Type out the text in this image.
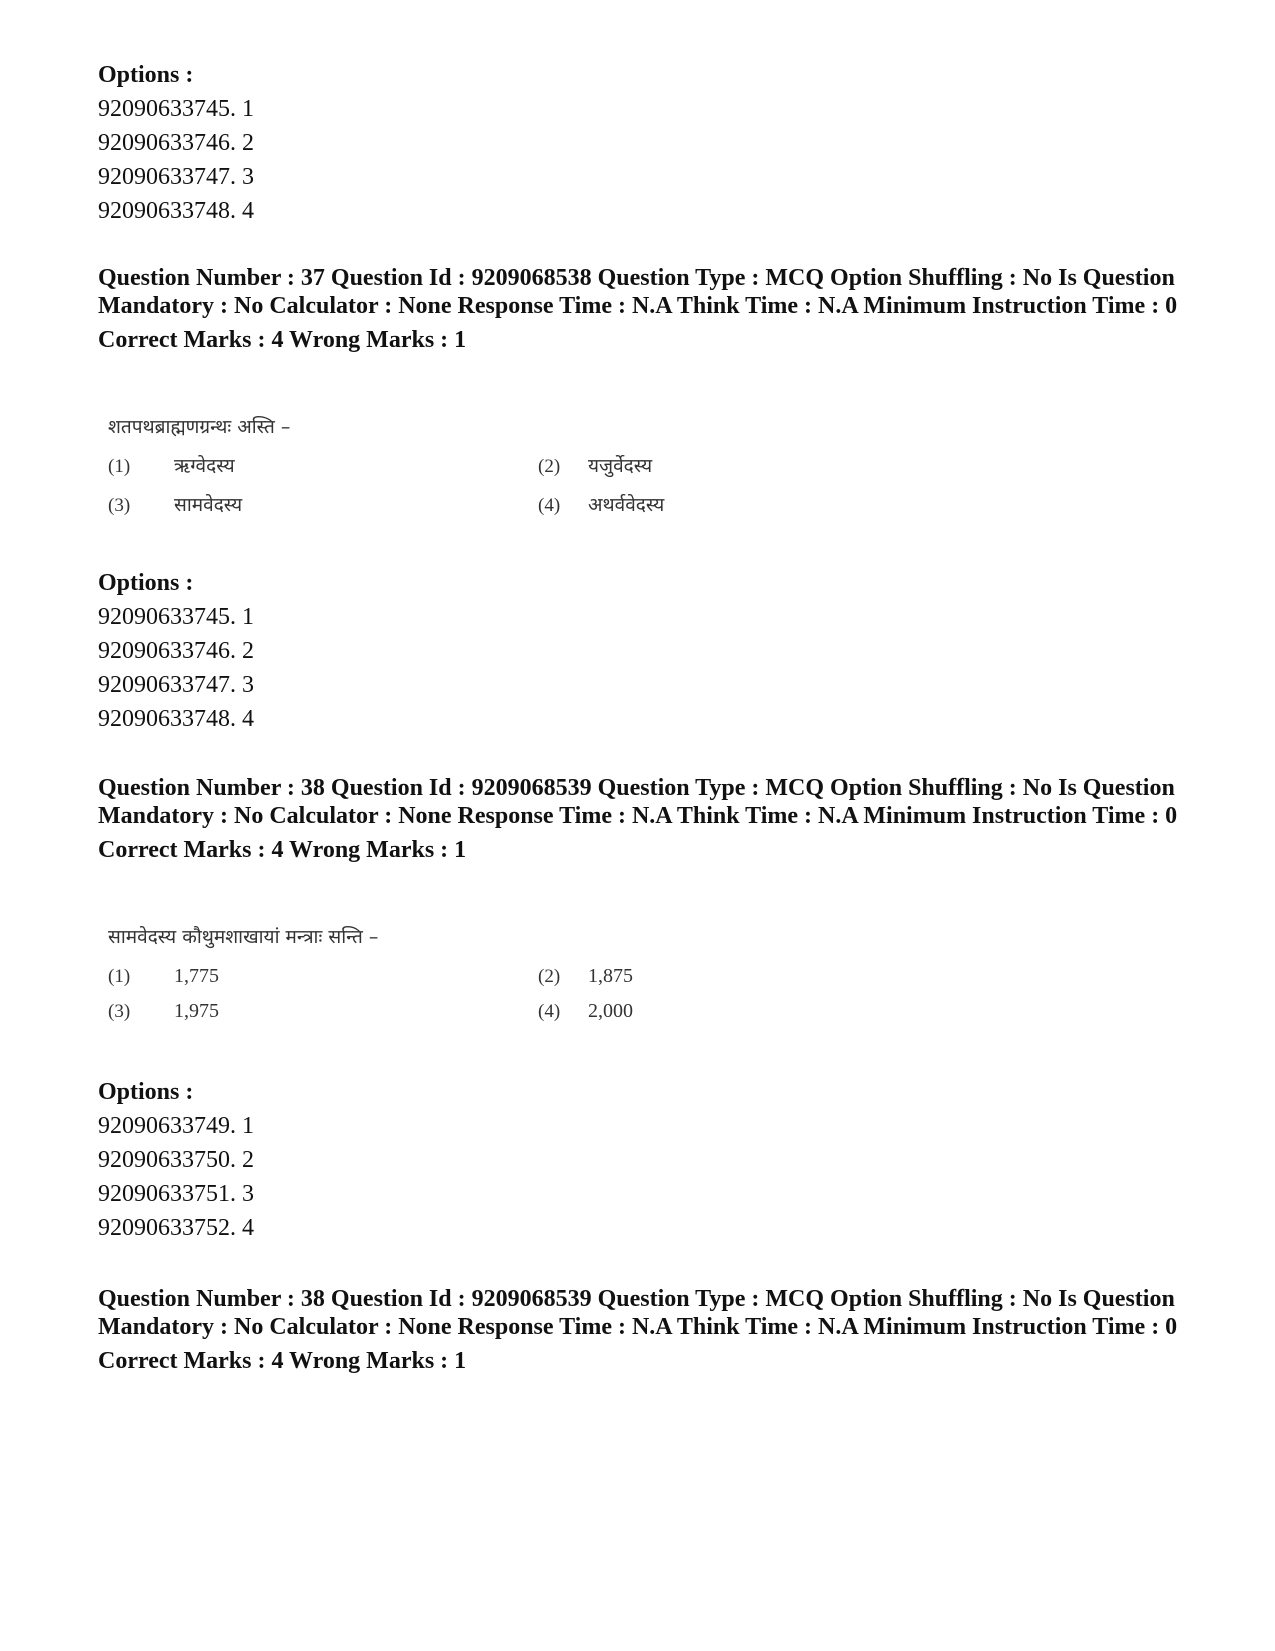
Options :
92090633745. 1
92090633746. 2
92090633747. 3
92090633748. 4
Question Number : 37 Question Id : 9209068538 Question Type : MCQ Option Shuffling : No Is Question Mandatory : No Calculator : None Response Time : N.A Think Time : N.A Minimum Instruction Time : 0
Correct Marks : 4 Wrong Marks : 1
शतपथब्राह्मणग्रन्थः अस्ति –
(1)	ऋग्वेदस्य	(2)	यजुर्वेदस्य
(3)	सामवेदस्य	(4)	अथर्ववेदस्य
Options :
92090633745. 1
92090633746. 2
92090633747. 3
92090633748. 4
Question Number : 38 Question Id : 9209068539 Question Type : MCQ Option Shuffling : No Is Question Mandatory : No Calculator : None Response Time : N.A Think Time : N.A Minimum Instruction Time : 0
Correct Marks : 4 Wrong Marks : 1
सामवेदस्य कौथुमशाखायां मन्त्राः सन्ति –
(1)	1,775	(2)	1,875
(3)	1,975	(4)	2,000
Options :
92090633749. 1
92090633750. 2
92090633751. 3
92090633752. 4
Question Number : 38 Question Id : 9209068539 Question Type : MCQ Option Shuffling : No Is Question Mandatory : No Calculator : None Response Time : N.A Think Time : N.A Minimum Instruction Time : 0
Correct Marks : 4 Wrong Marks : 1
